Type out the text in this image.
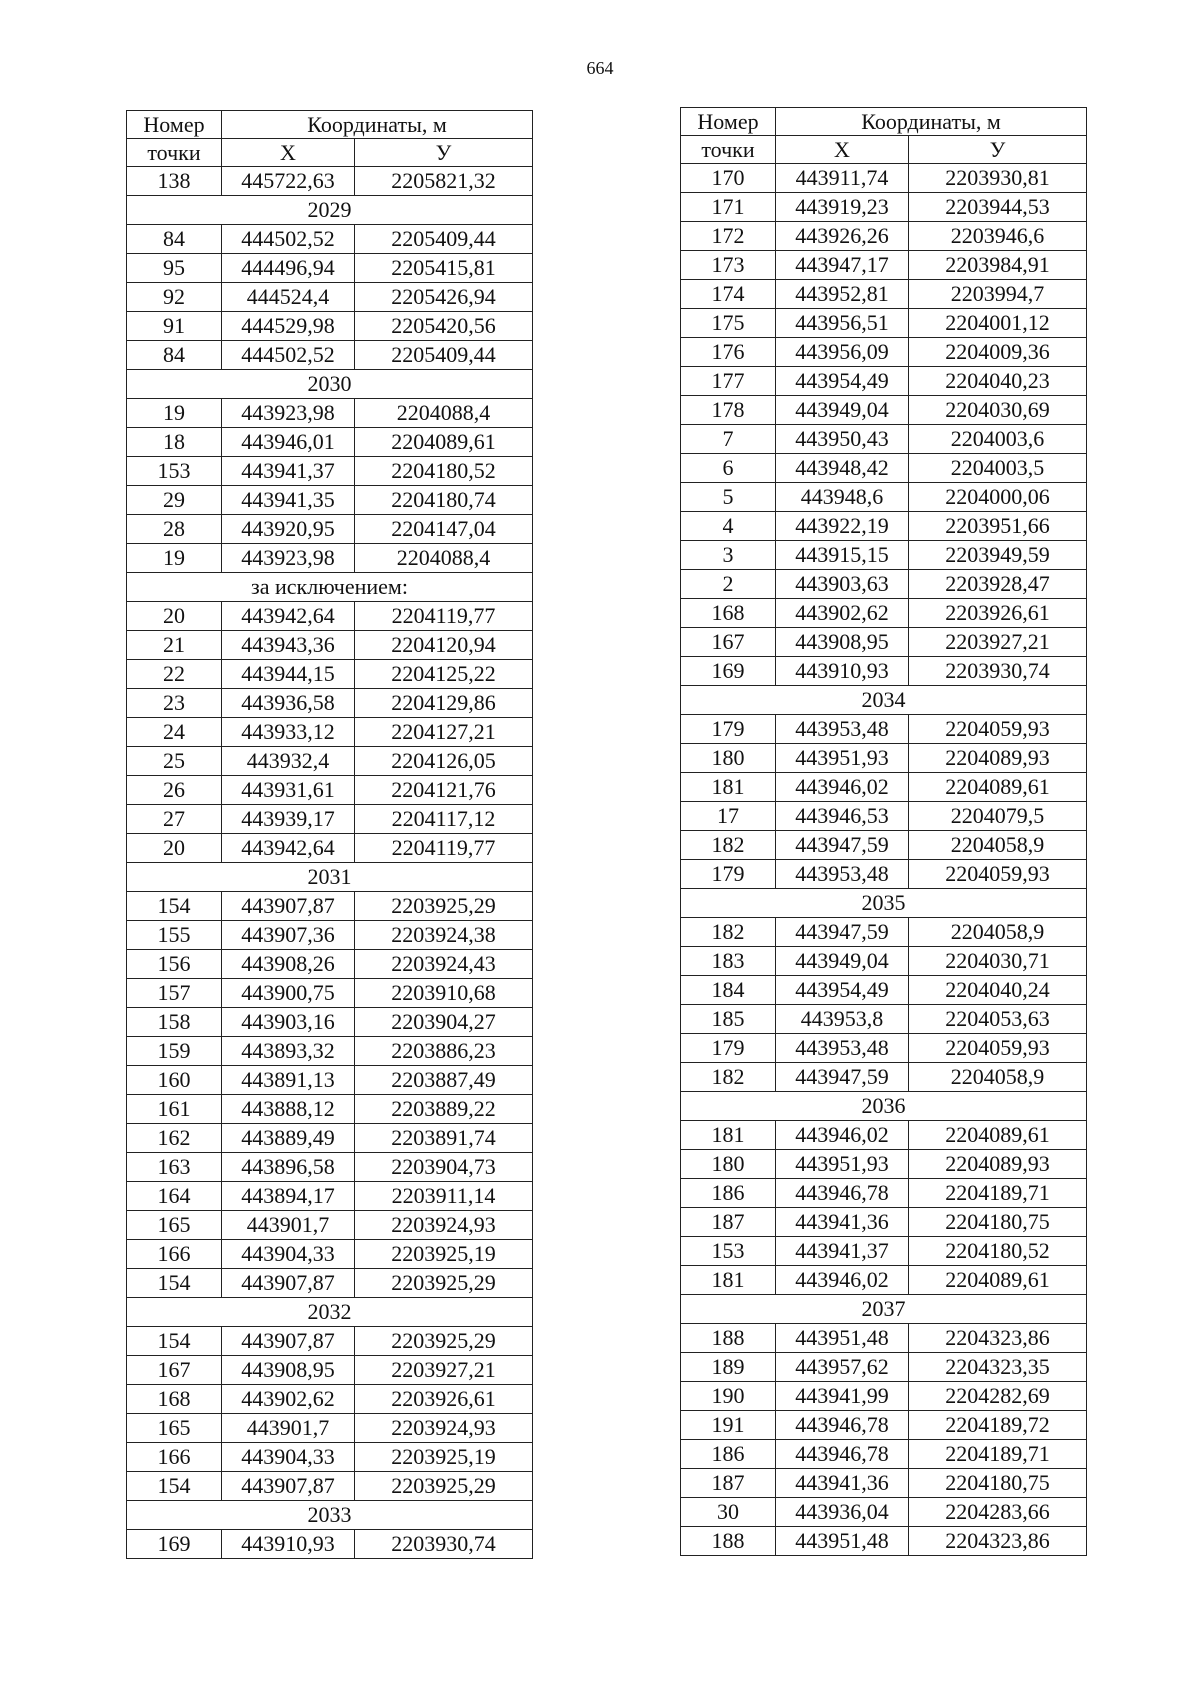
664
Номер	Координаты, м	
точки	X	У
138	445722,63	2205821,32
2029		
84	444502,52	2205409,44
95	444496,94	2205415,81
92	444524,4	2205426,94
91	444529,98	2205420,56
84	444502,52	2205409,44
2030		
19	443923,98	2204088,4
18	443946,01	2204089,61
153	443941,37	2204180,52
29	443941,35	2204180,74
28	443920,95	2204147,04
19	443923,98	2204088,4
за исключением:		
20	443942,64	2204119,77
21	443943,36	2204120,94
22	443944,15	2204125,22
23	443936,58	2204129,86
24	443933,12	2204127,21
25	443932,4	2204126,05
26	443931,61	2204121,76
27	443939,17	2204117,12
20	443942,64	2204119,77
2031		
154	443907,87	2203925,29
155	443907,36	2203924,38
156	443908,26	2203924,43
157	443900,75	2203910,68
158	443903,16	2203904,27
159	443893,32	2203886,23
160	443891,13	2203887,49
161	443888,12	2203889,22
162	443889,49	2203891,74
163	443896,58	2203904,73
164	443894,17	2203911,14
165	443901,7	2203924,93
166	443904,33	2203925,19
154	443907,87	2203925,29
2032		
154	443907,87	2203925,29
167	443908,95	2203927,21
168	443902,62	2203926,61
165	443901,7	2203924,93
166	443904,33	2203925,19
154	443907,87	2203925,29
2033		
169	443910,93	2203930,74
Номер	Координаты, м	
точки	X	У
170	443911,74	2203930,81
171	443919,23	2203944,53
172	443926,26	2203946,6
173	443947,17	2203984,91
174	443952,81	2203994,7
175	443956,51	2204001,12
176	443956,09	2204009,36
177	443954,49	2204040,23
178	443949,04	2204030,69
7	443950,43	2204003,6
6	443948,42	2204003,5
5	443948,6	2204000,06
4	443922,19	2203951,66
3	443915,15	2203949,59
2	443903,63	2203928,47
168	443902,62	2203926,61
167	443908,95	2203927,21
169	443910,93	2203930,74
2034		
179	443953,48	2204059,93
180	443951,93	2204089,93
181	443946,02	2204089,61
17	443946,53	2204079,5
182	443947,59	2204058,9
179	443953,48	2204059,93
2035		
182	443947,59	2204058,9
183	443949,04	2204030,71
184	443954,49	2204040,24
185	443953,8	2204053,63
179	443953,48	2204059,93
182	443947,59	2204058,9
2036		
181	443946,02	2204089,61
180	443951,93	2204089,93
186	443946,78	2204189,71
187	443941,36	2204180,75
153	443941,37	2204180,52
181	443946,02	2204089,61
2037		
188	443951,48	2204323,86
189	443957,62	2204323,35
190	443941,99	2204282,69
191	443946,78	2204189,72
186	443946,78	2204189,71
187	443941,36	2204180,75
30	443936,04	2204283,66
188	443951,48	2204323,86
